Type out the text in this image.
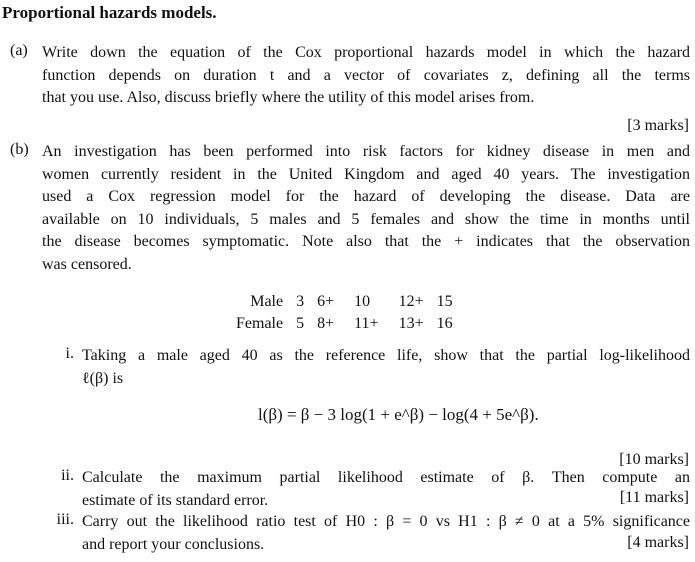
Proportional hazards models.
(a) Write down the equation of the Cox proportional hazards model in which the hazard
function depends on duration t and a vector of covariates z, defining all the terms
that you use. Also, discuss briefly where the utility of this model arises from.
[3 marks]
(b) An investigation has been performed into risk factors for kidney disease in men and
women currently resident in the United Kingdom and aged 40 years. The investigation
used a Cox regression model for the hazard of developing the disease. Data are
available on 10 individuals, 5 males and 5 females and show the time in months until
the disease becomes symptomatic. Note also that the + indicates that the observation
was censored.
Male	3	6+	10	12+	15
Female	5	8+	11+	13+	16
i. Taking a male aged 40 as the reference life, show that the partial log-likelihood
ℓ(β) is
l(β) = β − 3 log(1 + e^β) − log(4 + 5e^β).
[10 marks]
ii. Calculate the maximum partial likelihood estimate of β. Then compute an
estimate of its standard error.	[11 marks]
iii. Carry out the likelihood ratio test of H0 : β = 0 vs H1 : β ≠ 0 at a 5% significance
and report your conclusions.	[4 marks]
